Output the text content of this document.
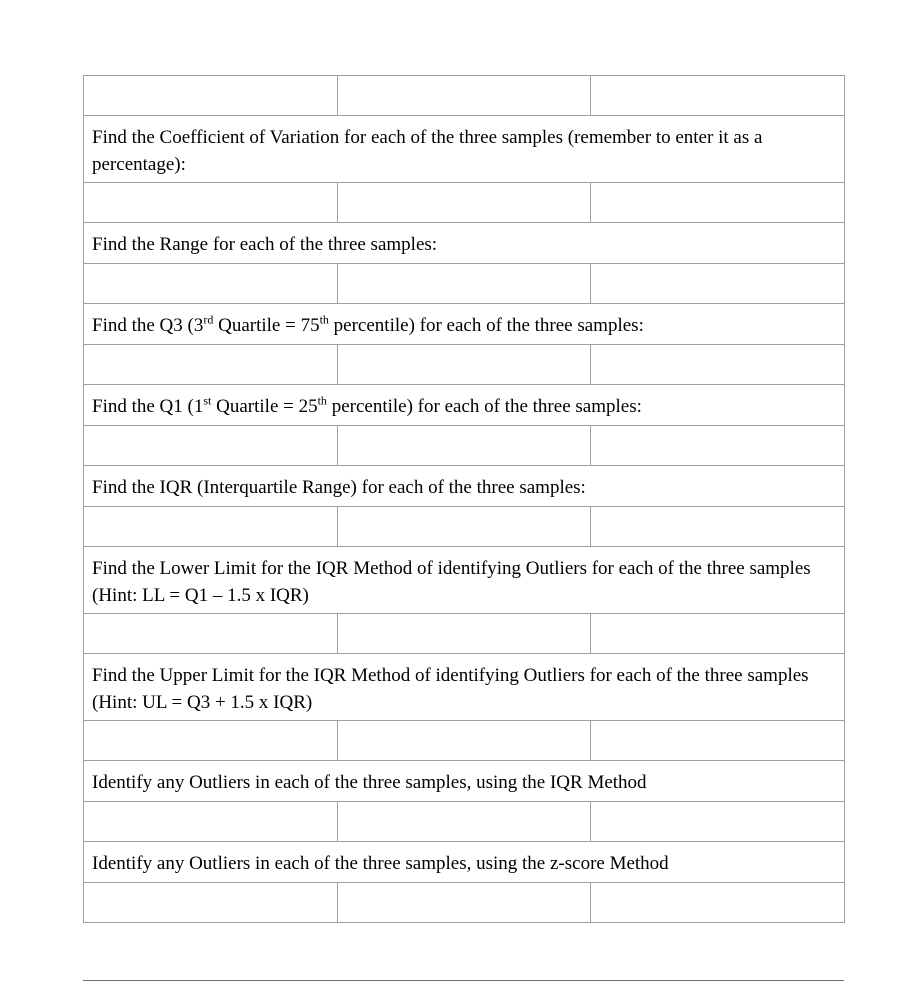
Find the Coefficient of Variation for each of the three samples (remember to enter it as a percentage):
Find the Range for each of the three samples:
Find the Q3 (3rd Quartile = 75th percentile) for each of the three samples:
Find the Q1 (1st Quartile = 25th percentile) for each of the three samples:
Find the IQR (Interquartile Range) for each of the three samples:
Find the Lower Limit for the IQR Method of identifying Outliers for each of the three samples (Hint: LL = Q1 – 1.5 x IQR)
Find the Upper Limit for the IQR Method of identifying Outliers for each of the three samples (Hint: UL = Q3 + 1.5 x IQR)
Identify any Outliers in each of the three samples, using the IQR Method
Identify any Outliers in each of the three samples, using the z-score Method
